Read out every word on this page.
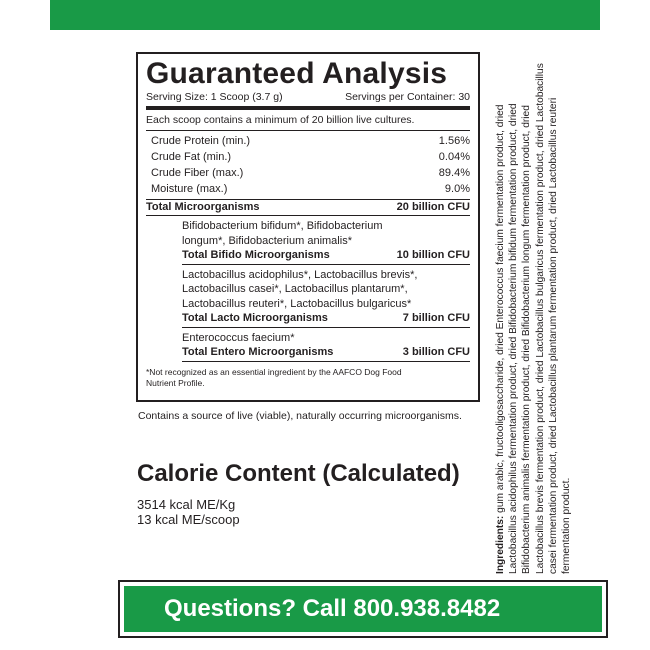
Guaranteed Analysis
Serving Size: 1 Scoop (3.7 g)	Servings per Container: 30
Each scoop contains a minimum of 20 billion live cultures.
Crude Protein (min.)	1.56%
Crude Fat (min.)	0.04%
Crude Fiber (max.)	89.4%
Moisture (max.)	9.0%
Total Microorganisms	20 billion CFU
Bifidobacterium bifidum*, Bifidobacterium
longum*, Bifidobacterium animalis*
Total Bifido Microorganisms	10 billion CFU
Lactobacillus acidophilus*, Lactobacillus brevis*,
Lactobacillus casei*, Lactobacillus plantarum*,
Lactobacillus reuteri*, Lactobacillus bulgaricus*
Total Lacto Microorganisms	7 billion CFU
Enterococcus faecium*
Total Entero Microorganisms	3 billion CFU
*Not recognized as an essential ingredient by the AAFCO Dog Food
Nutrient Profile.
Contains a source of live (viable), naturally occurring microorganisms.
Calorie Content (Calculated)
3514 kcal ME/Kg
13 kcal ME/scoop	Ingredients: gum arabic, fructooligosaccharide, dried Enterococcus faecium fermentation product, dried Lactobacillus acidophilus fermentation product, dried Bifidobacterium bifidum fermentation product, dried Bifidobacterium animalis fermentation product, dried Bifidobacterium longum fermentation product, dried Lactobacillus brevis fermentation product, dried Lactobacillus bulgaricus fermentation product, dried Lactobacillus casei fermentation product, dried Lactobacillus plantarum fermentation product, dried Lactobacillus reuteri fermentation product.
Questions? Call 800.938.8482
